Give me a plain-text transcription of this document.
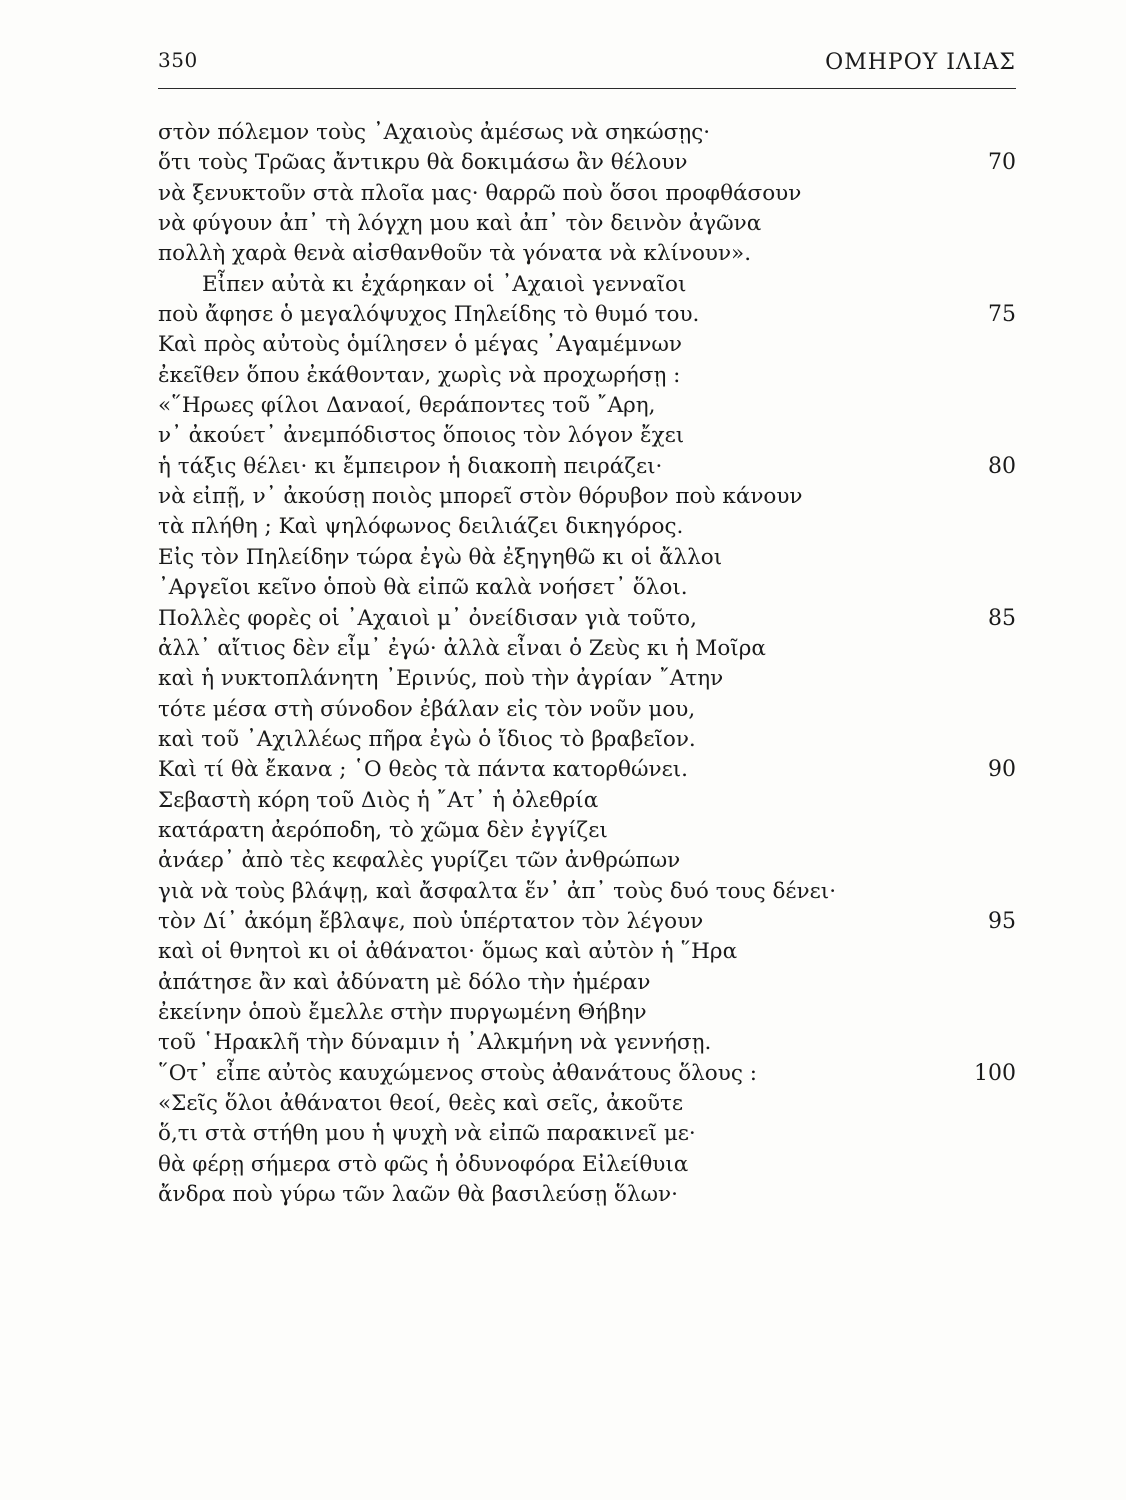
350	ΟΜΗΡΟΥ ΙΛΙΑΣ
στὸν πόλεμον τοὺς ᾿Αχαιοὺς ἀμέσως νὰ σηκώσῃς·
ὅτι τοὺς Τρῶας ἄντικρυ θὰ δοκιμάσω ἂν θέλουν	70
νὰ ξενυκτοῦν στὰ πλοῖα μας· θαρρῶ ποὺ ὅσοι προφθάσουν
νὰ φύγουν ἀπ᾿ τὴ λόγχη μου καὶ ἀπ᾿ τὸν δεινὸν ἀγῶνα
πολλὴ χαρὰ θενὰ αἰσθανθοῦν τὰ γόνατα νὰ κλίνουν».
Εἶπεν αὐτὰ κι ἐχάρηκαν οἱ ᾿Αχαιοὶ γενναῖοι
ποὺ ἄφησε ὁ μεγαλόψυχος Πηλείδης τὸ θυμό του.	75
Καὶ πρὸς αὐτοὺς ὁμίλησεν ὁ μέγας ᾿Αγαμέμνων
ἐκεῖθεν ὅπου ἐκάθονταν, χωρὶς νὰ προχωρήσῃ :
«῞Ηρωες φίλοι Δαναοί, θεράποντες τοῦ ῎Αρη,
ν᾿ ἀκούετ᾿ ἀνεμπόδιστος ὅποιος τὸν λόγον ἔχει
ἡ τάξις θέλει· κι ἔμπειρον ἡ διακοπὴ πειράζει·	80
νὰ εἰπῇ, ν᾿ ἀκούσῃ ποιὸς μπορεῖ στὸν θόρυβον ποὺ κάνουν
τὰ πλήθη ; Καὶ ψηλόφωνος δειλιάζει δικηγόρος.
Εἰς τὸν Πηλείδην τώρα ἐγὼ θὰ ἐξηγηθῶ κι οἱ ἄλλοι
᾿Αργεῖοι κεῖνο ὁποὺ θὰ εἰπῶ καλὰ νοήσετ᾿ ὅλοι.
Πολλὲς φορὲς οἱ ᾿Αχαιοὶ μ᾿ ὀνείδισαν γιὰ τοῦτο,	85
ἀλλ᾿ αἴτιος δὲν εἶμ᾿ ἐγώ· ἀλλὰ εἶναι ὁ Ζεὺς κι ἡ Μοῖρα
καὶ ἡ νυκτοπλάνητη ᾿Ερινύς, ποὺ τὴν ἀγρίαν ῎Ατην
τότε μέσα στὴ σύνοδον ἐβάλαν εἰς τὸν νοῦν μου,
καὶ τοῦ ᾿Αχιλλέως πῆρα ἐγὼ ὁ ἴδιος τὸ βραβεῖον.
Καὶ τί θὰ ἔκανα ; ῾Ο θεὸς τὰ πάντα κατορθώνει.	90
Σεβαστὴ κόρη τοῦ Διὸς ἡ ῎Ατ᾿ ἡ ὀλεθρία
κατάρατη ἀερόποδη, τὸ χῶμα δὲν ἐγγίζει
ἀνάερ᾿ ἀπὸ τὲς κεφαλὲς γυρίζει τῶν ἀνθρώπων
γιὰ νὰ τοὺς βλάψῃ, καὶ ἄσφαλτα ἕν᾿ ἀπ᾿ τοὺς δυό τους δένει·
τὸν Δί᾿ ἀκόμη ἔβλαψε, ποὺ ὑπέρτατον τὸν λέγουν	95
καὶ οἱ θνητοὶ κι οἱ ἀθάνατοι· ὅμως καὶ αὐτὸν ἡ ῞Ηρα
ἀπάτησε ἂν καὶ ἀδύνατη μὲ δόλο τὴν ἡμέραν
ἐκείνην ὁποὺ ἔμελλε στὴν πυργωμένη Θήβην
τοῦ ῾Ηρακλῆ τὴν δύναμιν ἡ ᾿Αλκμήνη νὰ γεννήσῃ.
῞Οτ᾿ εἶπε αὐτὸς καυχώμενος στοὺς ἀθανάτους ὅλους :	100
«Σεῖς ὅλοι ἀθάνατοι θεοί, θεὲς καὶ σεῖς, ἀκοῦτε
ὅ,τι στὰ στήθη μου ἡ ψυχὴ νὰ εἰπῶ παρακινεῖ με·
θὰ φέρῃ σήμερα στὸ φῶς ἡ ὀδυνοφόρα Εἰλείθυια
ἄνδρα ποὺ γύρω τῶν λαῶν θὰ βασιλεύσῃ ὅλων·
